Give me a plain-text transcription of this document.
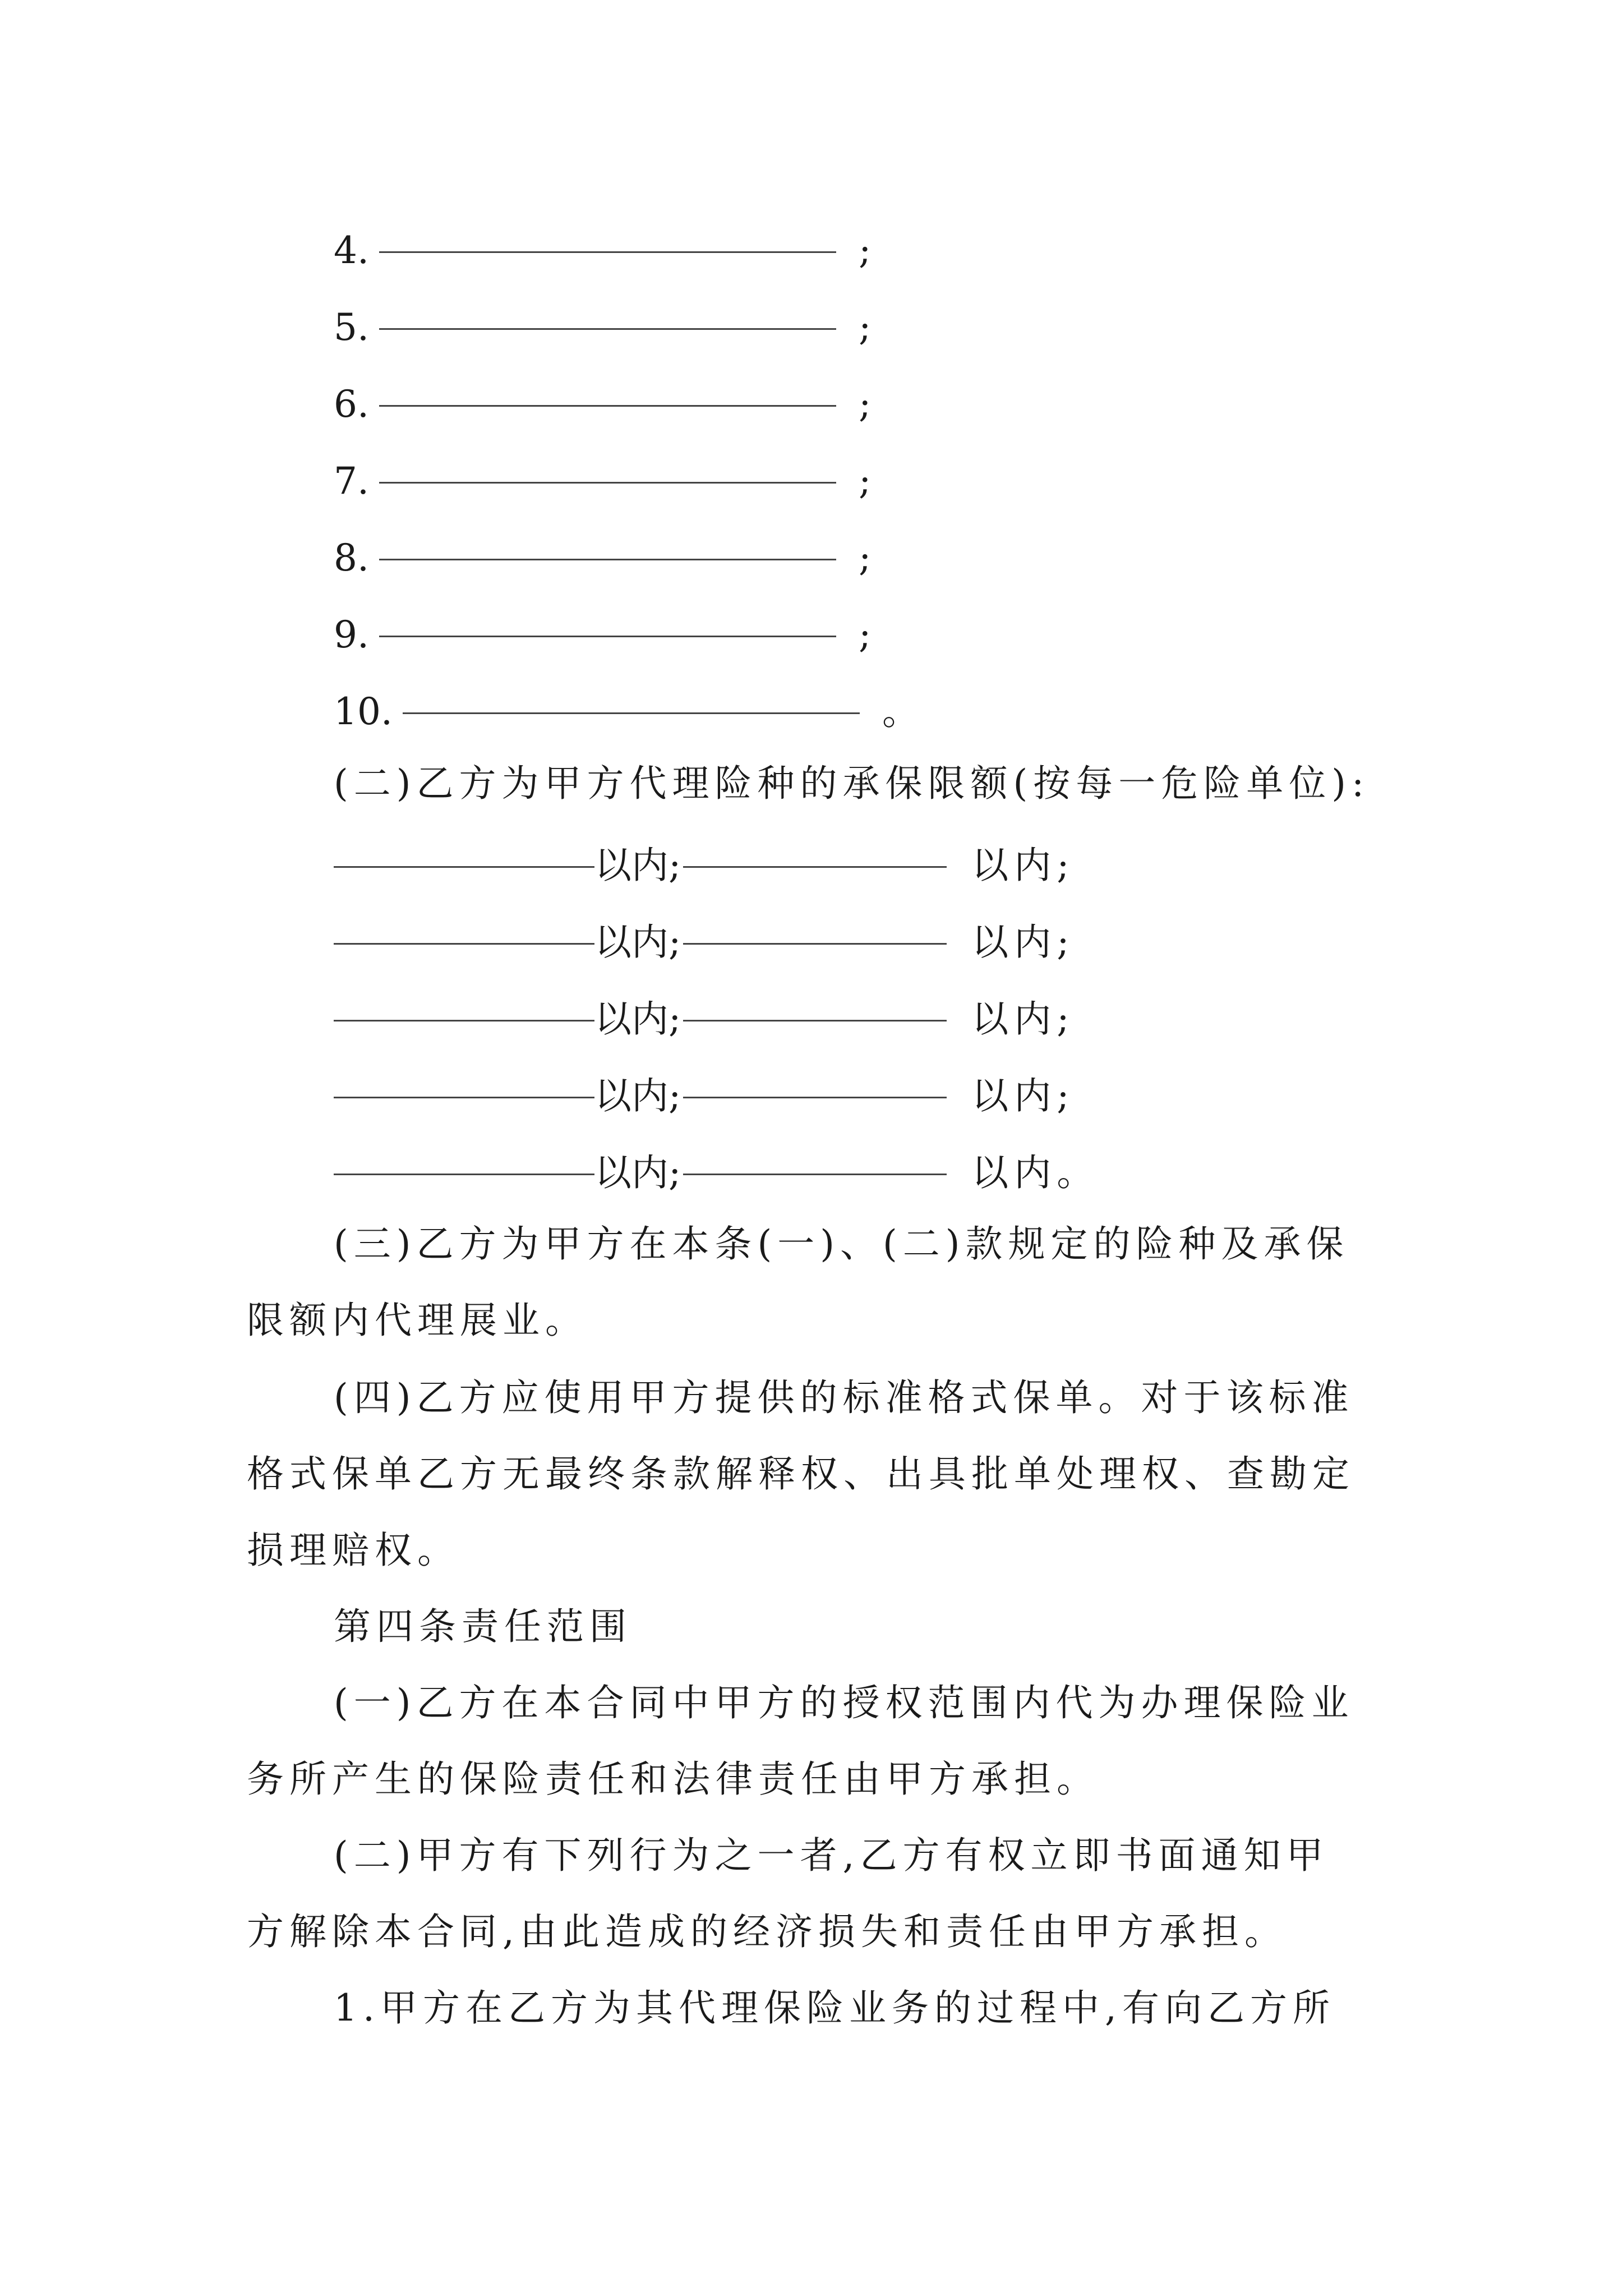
4.	;
5.	;
6.	;
7.	;
8.	;
9.	;
10.	。
(二)乙方为甲方代理险种的承保限额(按每一危险单位):
以内;	以内;
以内;	以内;
以内;	以内;
以内;	以内;
以内;	以内。
(三)乙方为甲方在本条(一)、(二)款规定的险种及承保
限额内代理展业。
(四)乙方应使用甲方提供的标准格式保单。对于该标准
格式保单乙方无最终条款解释权、出具批单处理权、查勘定
损理赔权。
第四条责任范围
(一)乙方在本合同中甲方的授权范围内代为办理保险业
务所产生的保险责任和法律责任由甲方承担。
(二)甲方有下列行为之一者,乙方有权立即书面通知甲
方解除本合同,由此造成的经济损失和责任由甲方承担。
1.甲方在乙方为其代理保险业务的过程中,有向乙方所
